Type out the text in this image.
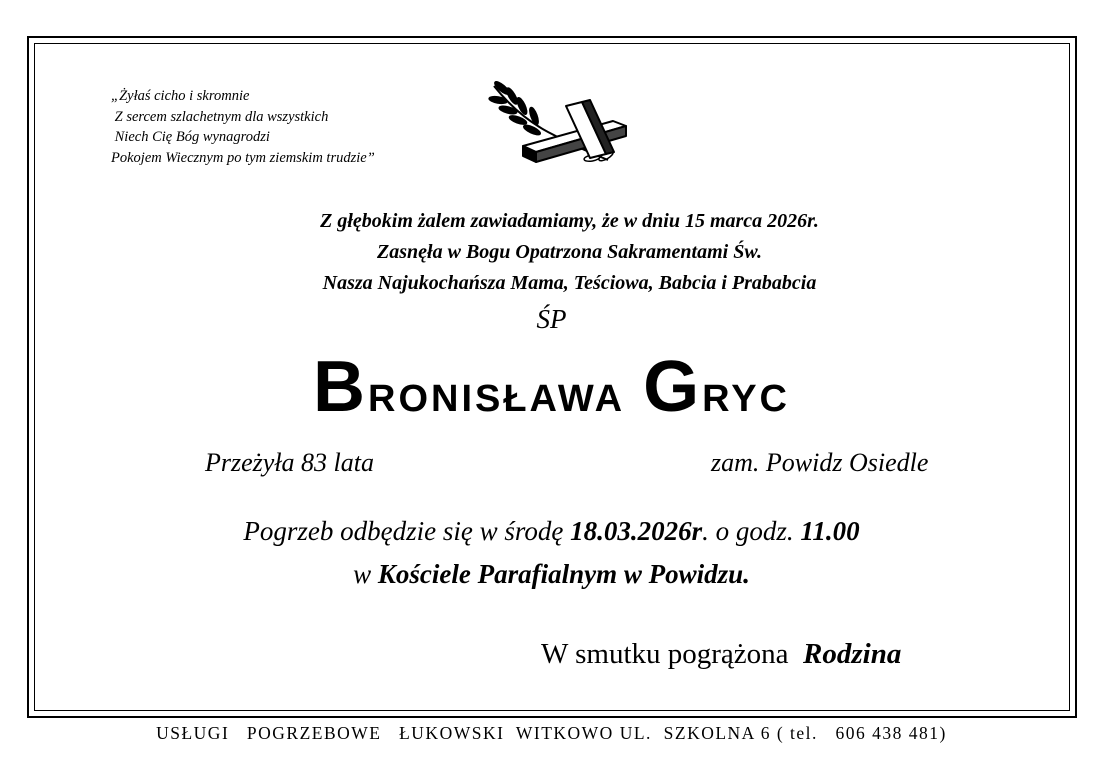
„Żyłaś cicho i skromnie
Z sercem szlachetnym dla wszystkich
Niech Cię Bóg wynagrodzi
Pokojem Wiecznym po tym ziemskim trudzie”
Z głębokim żalem zawiadamiamy, że w dniu 15 marca 2026r.
Zasnęła w Bogu Opatrzona Sakramentami Św.
Nasza Najukochańsza Mama, Teściowa, Babcia i Prababcia
ŚP
Bronisława Gryc
Przeżyła 83 lata	zam. Powidz Osiedle
Pogrzeb odbędzie się w środę 18.03.2026r. o godz. 11.00
w Kościele Parafialnym w Powidzu.
W smutku pogrążona  Rodzina
USŁUGI   POGRZEBOWE   ŁUKOWSKI  WITKOWO UL.  SZKOLNA 6 ( tel.   606 438 481)
